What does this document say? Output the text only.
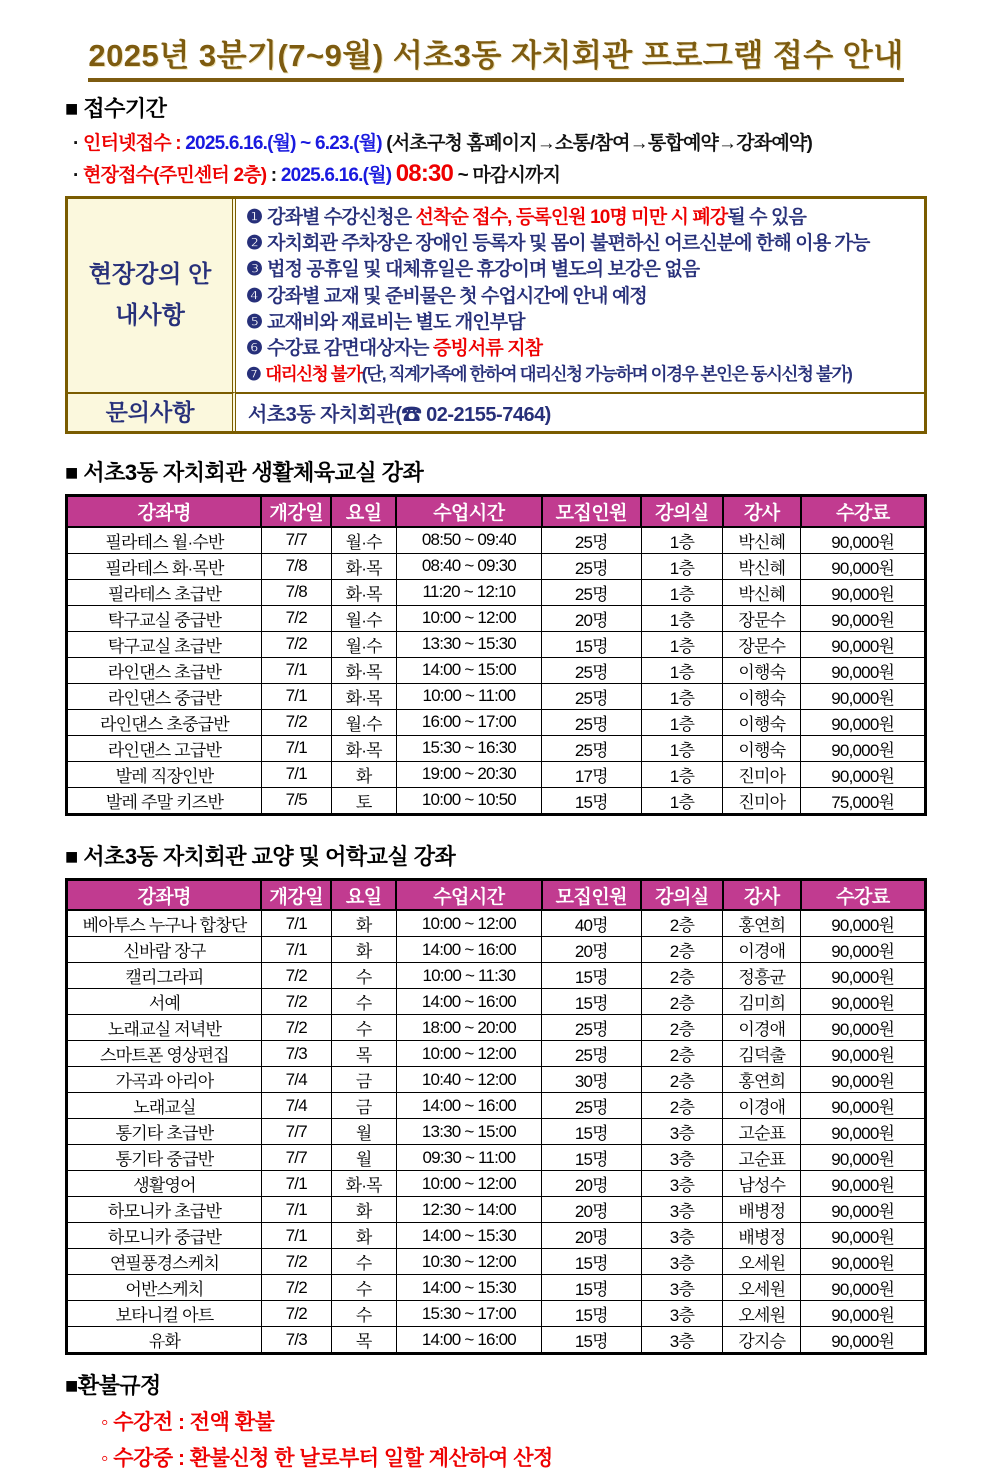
2025년 3분기(7~9월) 서초3동 자치회관 프로그램 접수 안내
■ 접수기간
· 인터넷접수 : 2025.6.16.(월) ~ 6.23.(월) (서초구청 홈페이지→소통/참여→통합예약→강좌예약)
· 현장접수(주민센터 2층) : 2025.6.16.(월) 08:30 ~ 마감시까지
현장강의 안내사항
❶ 강좌별 수강신청은 선착순 접수, 등록인원 10명 미만 시 폐강될 수 있음
❷ 자치회관 주차장은 장애인 등록자 및 몸이 불편하신 어르신분에 한해 이용 가능
❸ 법정 공휴일 및 대체휴일은 휴강이며 별도의 보강은 없음
❹ 강좌별 교재 및 준비물은 첫 수업시간에 안내 예정
❺ 교재비와 재료비는 별도 개인부담
❻ 수강료 감면대상자는 증빙서류 지참
❼ 대리신청 불가(단, 직계가족에 한하여 대리신청 가능하며 이경우 본인은 동시신청 불가)
문의사항	서초3동 자치회관(☎ 02-2155-7464)
■ 서초3동 자치회관 생활체육교실 강좌
강좌명	개강일	요일	수업시간	모집인원	강의실	강사	수강료
필라테스 월·수반	7/7	월·수	08:50 ~ 09:40	25명	1층	박신혜	90,000원
필라테스 화·목반	7/8	화·목	08:40 ~ 09:30	25명	1층	박신혜	90,000원
필라테스 초급반	7/8	화·목	11:20 ~ 12:10	25명	1층	박신혜	90,000원
탁구교실 중급반	7/2	월·수	10:00 ~ 12:00	20명	1층	장문수	90,000원
탁구교실 초급반	7/2	월·수	13:30 ~ 15:30	15명	1층	장문수	90,000원
라인댄스 초급반	7/1	화·목	14:00 ~ 15:00	25명	1층	이행숙	90,000원
라인댄스 중급반	7/1	화·목	10:00 ~ 11:00	25명	1층	이행숙	90,000원
라인댄스 초중급반	7/2	월·수	16:00 ~ 17:00	25명	1층	이행숙	90,000원
라인댄스 고급반	7/1	화·목	15:30 ~ 16:30	25명	1층	이행숙	90,000원
발레 직장인반	7/1	화	19:00 ~ 20:30	17명	1층	진미아	90,000원
발레 주말 키즈반	7/5	토	10:00 ~ 10:50	15명	1층	진미아	75,000원
■ 서초3동 자치회관 교양 및 어학교실 강좌
강좌명	개강일	요일	수업시간	모집인원	강의실	강사	수강료
베아투스 누구나 합창단	7/1	화	10:00 ~ 12:00	40명	2층	홍연희	90,000원
신바람 장구	7/1	화	14:00 ~ 16:00	20명	2층	이경애	90,000원
캘리그라피	7/2	수	10:00 ~ 11:30	15명	2층	정흥균	90,000원
서예	7/2	수	14:00 ~ 16:00	15명	2층	김미희	90,000원
노래교실 저녁반	7/2	수	18:00 ~ 20:00	25명	2층	이경애	90,000원
스마트폰 영상편집	7/3	목	10:00 ~ 12:00	25명	2층	김덕출	90,000원
가곡과 아리아	7/4	금	10:40 ~ 12:00	30명	2층	홍연희	90,000원
노래교실	7/4	금	14:00 ~ 16:00	25명	2층	이경애	90,000원
통기타 초급반	7/7	월	13:30 ~ 15:00	15명	3층	고순표	90,000원
통기타 중급반	7/7	월	09:30 ~ 11:00	15명	3층	고순표	90,000원
생활영어	7/1	화·목	10:00 ~ 12:00	20명	3층	남성수	90,000원
하모니카 초급반	7/1	화	12:30 ~ 14:00	20명	3층	배병정	90,000원
하모니카 중급반	7/1	화	14:00 ~ 15:30	20명	3층	배병정	90,000원
연필풍경스케치	7/2	수	10:30 ~ 12:00	15명	3층	오세원	90,000원
어반스케치	7/2	수	14:00 ~ 15:30	15명	3층	오세원	90,000원
보타니컬 아트	7/2	수	15:30 ~ 17:00	15명	3층	오세원	90,000원
유화	7/3	목	14:00 ~ 16:00	15명	3층	강지승	90,000원
■환불규정
◦ 수강전 : 전액 환불
◦ 수강중 : 환불신청 한 날로부터 일할 계산하여 산정
